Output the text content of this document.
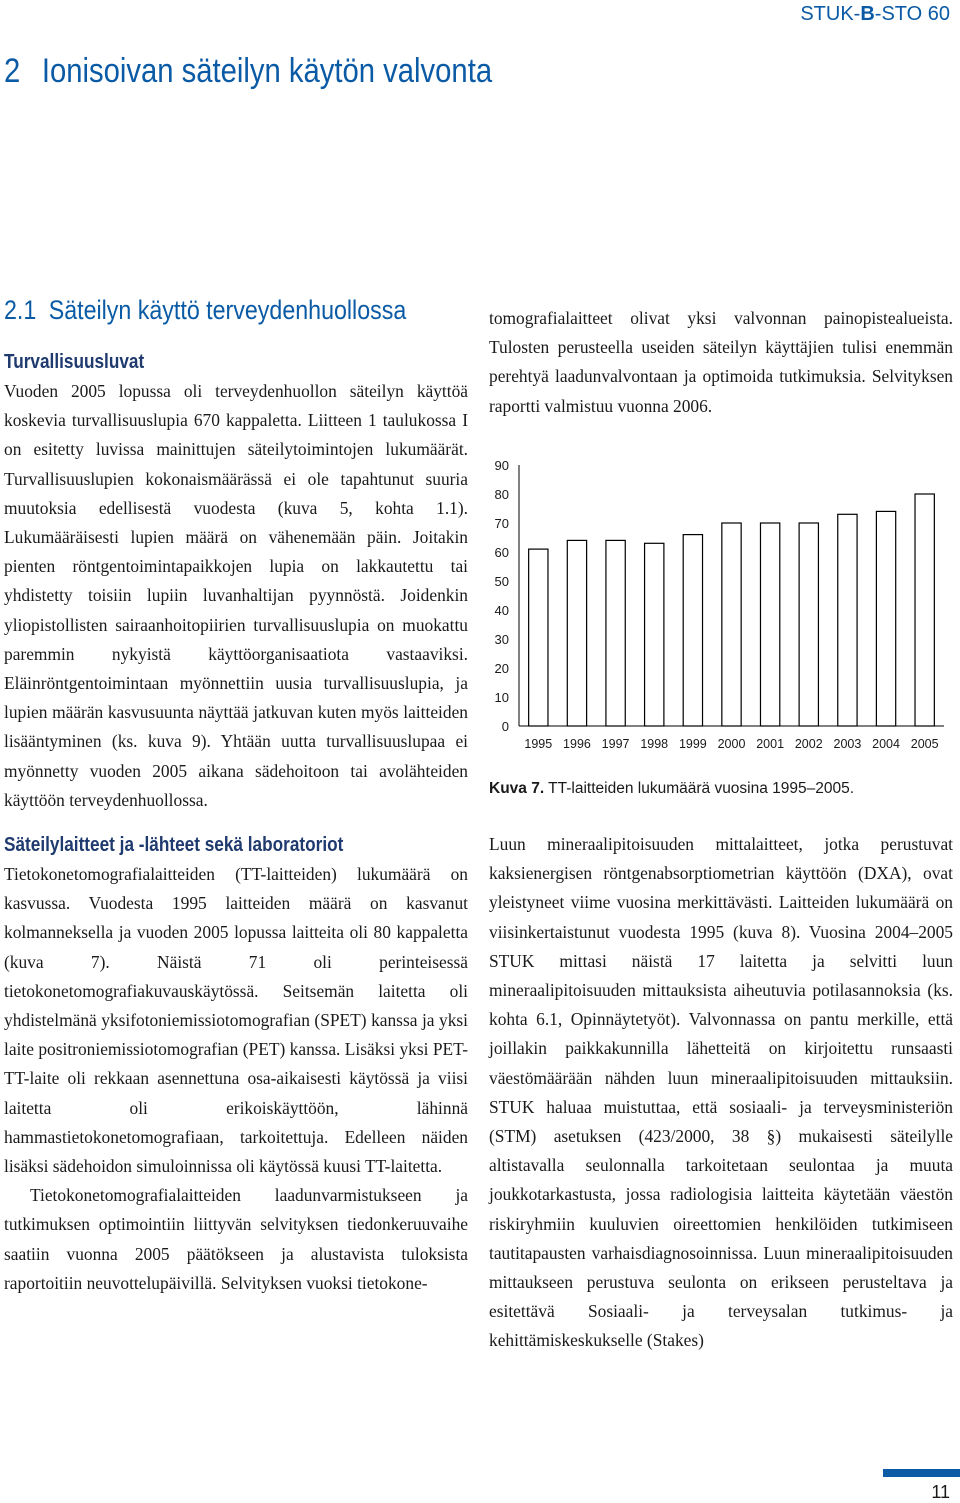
STUK-B-STO 60
2 Ionisoivan säteilyn käytön valvonta
2.1 Säteilyn käyttö terveydenhuollossa
Turvallisuusluvat

Vuoden 2005 lopussa oli terveydenhuollon säteilyn käyttöä koskevia turvallisuuslupia 670 kappaletta. Liitteen 1 taulukossa I on esitetty luvissa mainittujen säteilytoimintojen lukumäärät. Turvallisuuslupien kokonaismäärässä ei ole tapahtunut suuria muutoksia edellisestä vuodesta (kuva 5, kohta 1.1). Lukumääräisesti lupien määrä on vähenemään päin. Joitakin pienten röntgentoimintapaikkojen lupia on lakkautettu tai yhdistetty toisiin lupiin luvanhaltijan pyynnöstä. Joidenkin yliopistollisten sairaanhoitopiirien turvallisuuslupia on muokattu paremmin nykyistä käyttöorganisaatiota vastaaviksi. Eläinröntgentoimintaan myönnettiin uusia turvallisuuslupia, ja lupien määrän kasvusuunta näyttää jatkuvan kuten myös laitteiden lisääntyminen (ks. kuva 9). Yhtään uutta turvallisuuslupaa ei myönnetty vuoden 2005 aikana sädehoitoon tai avolähteiden käyttöön terveydenhuollossa.

Säteilylaitteet ja -lähteet sekä laboratoriot

Tietokonetomografialaitteiden (TT-laitteiden) lukumäärä on kasvussa. Vuodesta 1995 laitteiden määrä on kasvanut kolmanneksella ja vuoden 2005 lopussa laitteita oli 80 kappaletta (kuva 7). Näistä 71 oli perinteisessä tietokonetomografiakuvauskäytössä. Seitsemän laitetta oli yhdistelmänä yksifotoniemissiotomografian (SPET) kanssa ja yksi laite positroniemissiotomografian (PET) kanssa. Lisäksi yksi PET-TT-laite oli rekkaan asennettuna osa-aikaisesti käytössä ja viisi laitetta oli erikoiskäyttöön, lähinnä hammastietokonetomografiaan, tarkoitettuja. Edelleen näiden lisäksi sädehoidon simuloinnissa oli käytössä kuusi TT-laitetta.

Tietokonetomografialaitteiden laadunvarmistukseen ja tutkimuksen optimointiin liittyvän selvityksen tiedonkeruuvaihe saatiin vuonna 2005 päätökseen ja alustavista tuloksista raportoitiin neuvottelupäivillä. Selvityksen vuoksi tietokone-

tomografialaitteet olivat yksi valvonnan painopistealueista. Tulosten perusteella useiden säteilyn käyttäjien tulisi enemmän perehtyä laadunvalvontaan ja optimoida tutkimuksia. Selvityksen raportti valmistuu vuonna 2006.

0
10
20
30
40
50
60
70
80
90
1995 1996 1997 1998 1999 2000 2001 2002 2003 2004 2005

Kuva 7. TT-laitteiden lukumäärä vuosina 1995–2005.

Luun mineraalipitoisuuden mittalaitteet, jotka perustuvat kaksienergisen röntgenabsorptiometrian käyttöön (DXA), ovat yleistyneet viime vuosina merkittävästi. Laitteiden lukumäärä on viisinkertaistunut vuodesta 1995 (kuva 8). Vuosina 2004–2005 STUK mittasi näistä 17 laitetta ja selvitti luun mineraalipitoisuuden mittauksista aiheutuvia potilasannoksia (ks. kohta 6.1, Opinnäytetyöt). Valvonnassa on pantu merkille, että joillakin paikkakunnilla lähetteitä on kirjoitettu runsaasti väestömäärään nähden luun mineraalipitoisuuden mittauksiin. STUK haluaa muistuttaa, että sosiaali- ja terveysministeriön (STM) asetuksen (423/2000, 38 §) mukaisesti säteilylle altistavalla seulonnalla tarkoitetaan seulontaa ja muuta joukkotarkastusta, jossa radiologisia laitteita käytetään väestön riskiryhmiin kuuluvien oireettomien henkilöiden tutkimiseen tautitapausten varhaisdiagnosoinnissa. Luun mineraalipitoisuuden mittaukseen perustuva seulonta on erikseen perusteltava ja esitettävä Sosiaali- ja terveysalan tutkimus- ja kehittämiskeskukselle (Stakes)

11
